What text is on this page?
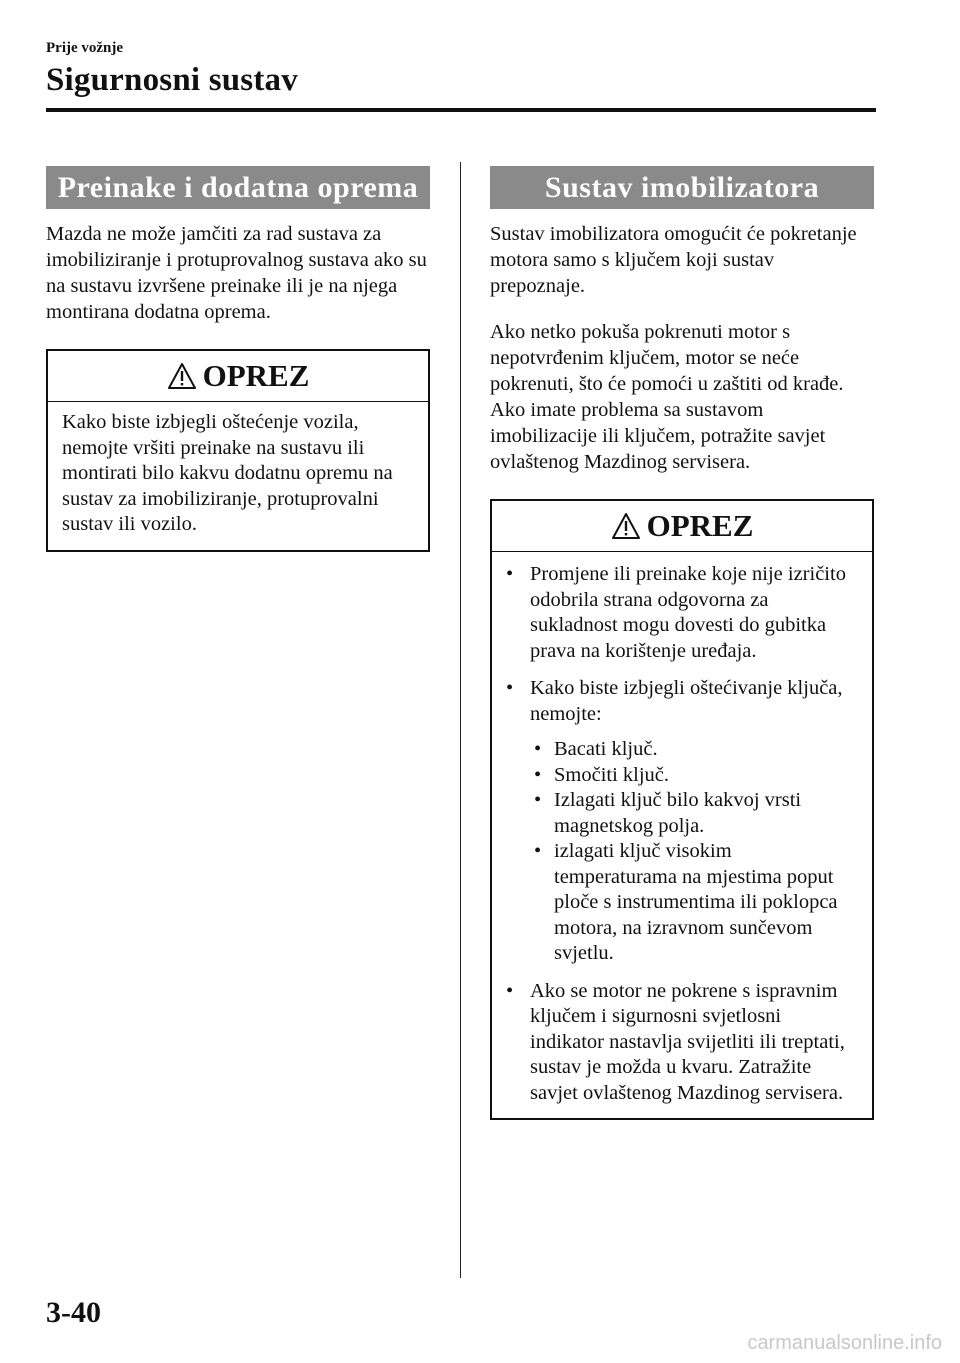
Prije vožnje
Sigurnosni sustav
Preinake i dodatna oprema

Mazda ne može jamčiti za rad sustava za imobiliziranje i protuprovalnog sustava ako su na sustavu izvršene preinake ili je na njega montirana dodatna oprema.

OPREZ
Kako biste izbjegli oštećenje vozila, nemojte vršiti preinake na sustavu ili montirati bilo kakvu dodatnu opremu na sustav za imobiliziranje, protuprovalni sustav ili vozilo.
Sustav imobilizatora

Sustav imobilizatora omogućit će pokretanje motora samo s ključem koji sustav prepoznaje.

Ako netko pokuša pokrenuti motor s nepotvrđenim ključem, motor se neće pokrenuti, što će pomoći u zaštiti od krađe. Ako imate problema sa sustavom imobilizacije ili ključem, potražite savjet ovlaštenog Mazdinog servisera.

OPREZ
• Promjene ili preinake koje nije izričito odobrila strana odgovorna za sukladnost mogu dovesti do gubitka prava na korištenje uređaja.
• Kako biste izbjegli oštećivanje ključa, nemojte:
• Bacati ključ.
• Smočiti ključ.
• Izlagati ključ bilo kakvoj vrsti magnetskog polja.
• izlagati ključ visokim temperaturama na mjestima poput ploče s instrumentima ili poklopca motora, na izravnom sunčevom svjetlu.
• Ako se motor ne pokrene s ispravnim ključem i sigurnosni svjetlosni indikator nastavlja svijetliti ili treptati, sustav je možda u kvaru. Zatražite savjet ovlaštenog Mazdinog servisera.
3-40
carmanualsonline.info
